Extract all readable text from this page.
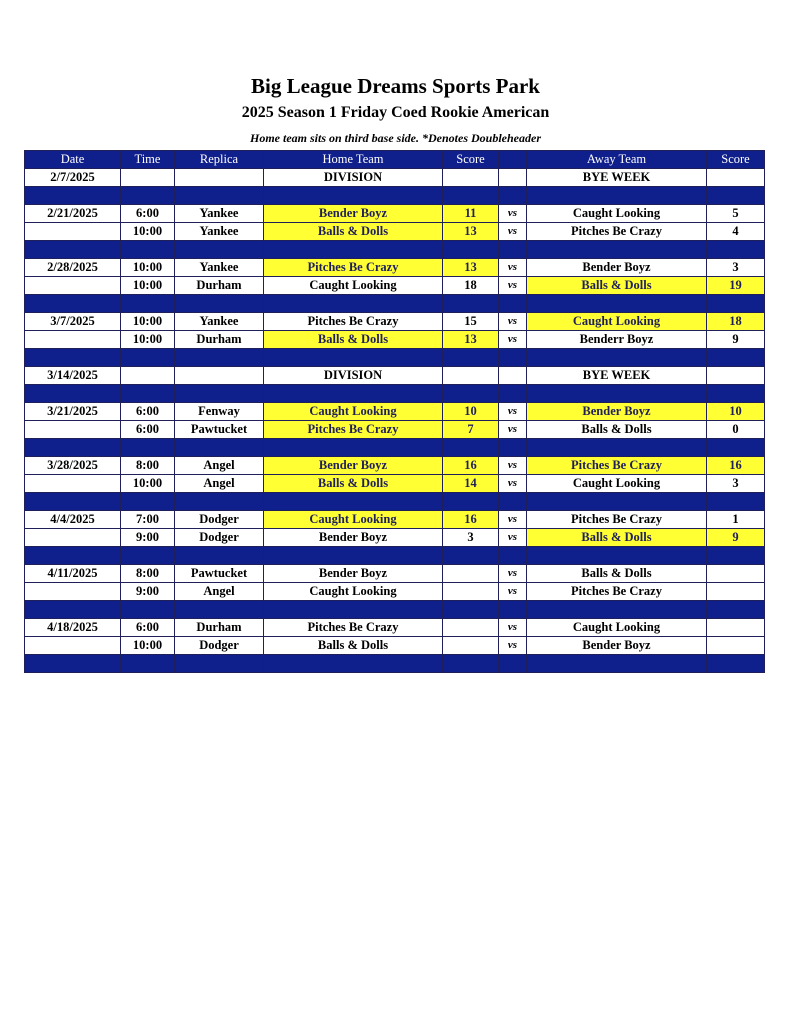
Big League Dreams Sports Park
2025 Season 1 Friday Coed Rookie American
Home team sits on third base side. *Denotes Doubleheader
Date	Time	Replica	Home Team	Score		Away Team	Score
2/7/2025			DIVISION			BYE WEEK	

2/21/2025	6:00	Yankee	Bender Boyz	11	vs	Caught Looking	5
	10:00	Yankee	Balls & Dolls	13	vs	Pitches Be Crazy	4

2/28/2025	10:00	Yankee	Pitches Be Crazy	13	vs	Bender Boyz	3
	10:00	Durham	Caught Looking	18	vs	Balls & Dolls	19

3/7/2025	10:00	Yankee	Pitches Be Crazy	15	vs	Caught Looking	18
	10:00	Durham	Balls & Dolls	13	vs	Benderr Boyz	9

3/14/2025			DIVISION			BYE WEEK	

3/21/2025	6:00	Fenway	Caught Looking	10	vs	Bender Boyz	10
	6:00	Pawtucket	Pitches Be Crazy	7	vs	Balls & Dolls	0

3/28/2025	8:00	Angel	Bender Boyz	16	vs	Pitches Be Crazy	16
	10:00	Angel	Balls & Dolls	14	vs	Caught Looking	3

4/4/2025	7:00	Dodger	Caught Looking	16	vs	Pitches Be Crazy	1
	9:00	Dodger	Bender Boyz	3	vs	Balls & Dolls	9

4/11/2025	8:00	Pawtucket	Bender Boyz		vs	Balls & Dolls	
	9:00	Angel	Caught Looking		vs	Pitches Be Crazy	

4/18/2025	6:00	Durham	Pitches Be Crazy		vs	Caught Looking	
	10:00	Dodger	Balls & Dolls		vs	Bender Boyz	
